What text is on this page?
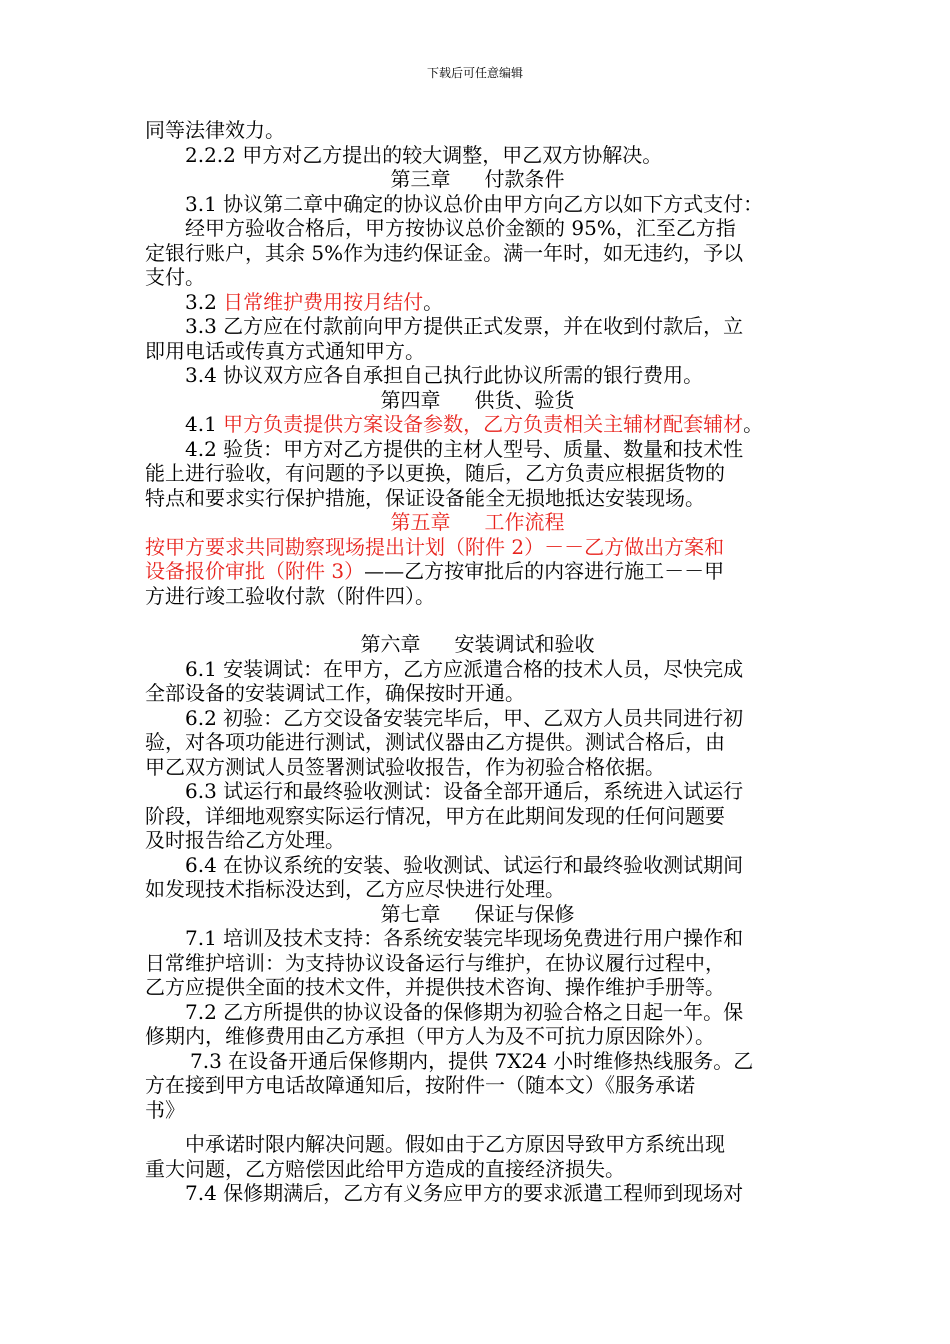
下载后可任意编辑
同等法律效力。
2.2.2 甲方对乙方提出的较大调整，甲乙双方协解决。
第三章 付款条件
3.1 协议第二章中确定的协议总价由甲方向乙方以如下方式支付：
经甲方验收合格后，甲方按协议总价金额的 95%，汇至乙方指
定银行账户，其余 5%作为违约保证金。满一年时，如无违约，予以
支付。
3.2 日常维护费用按月结付。
3.3 乙方应在付款前向甲方提供正式发票，并在收到付款后，立
即用电话或传真方式通知甲方。
3.4 协议双方应各自承担自己执行此协议所需的银行费用。
第四章 供货、验货
4.1 甲方负责提供方案设备参数，乙方负责相关主辅材配套辅材。
4.2 验货：甲方对乙方提供的主材人型号、质量、数量和技术性
能上进行验收，有问题的予以更换，随后，乙方负责应根据货物的
特点和要求实行保护措施，保证设备能全无损地抵达安装现场。
第五章 工作流程
按甲方要求共同勘察现场提出计划（附件 2）－－乙方做出方案和
设备报价审批（附件 3）——乙方按审批后的内容进行施工－－甲
方进行竣工验收付款（附件四）。
第六章 安装调试和验收
6.1 安装调试：在甲方，乙方应派遣合格的技术人员，尽快完成
全部设备的安装调试工作，确保按时开通。
6.2 初验：乙方交设备安装完毕后，甲、乙双方人员共同进行初
验，对各项功能进行测试，测试仪器由乙方提供。测试合格后，由
甲乙双方测试人员签署测试验收报告，作为初验合格依据。
6.3 试运行和最终验收测试：设备全部开通后，系统进入试运行
阶段，详细地观察实际运行情况，甲方在此期间发现的任何问题要
及时报告给乙方处理。
6.4 在协议系统的安装、验收测试、试运行和最终验收测试期间
如发现技术指标没达到，乙方应尽快进行处理。
第七章 保证与保修
7.1 培训及技术支持：各系统安装完毕现场免费进行用户操作和
日常维护培训：为支持协议设备运行与维护，在协议履行过程中，
乙方应提供全面的技术文件，并提供技术咨询、操作维护手册等。
7.2 乙方所提供的协议设备的保修期为初验合格之日起一年。保
修期内，维修费用由乙方承担（甲方人为及不可抗力原因除外）。
7.3 在设备开通后保修期内，提供 7X24 小时维修热线服务。乙
方在接到甲方电话故障通知后，按附件一（随本文）《服务承诺
书》
中承诺时限内解决问题。假如由于乙方原因导致甲方系统出现
重大问题，乙方赔偿因此给甲方造成的直接经济损失。
7.4 保修期满后，乙方有义务应甲方的要求派遣工程师到现场对
